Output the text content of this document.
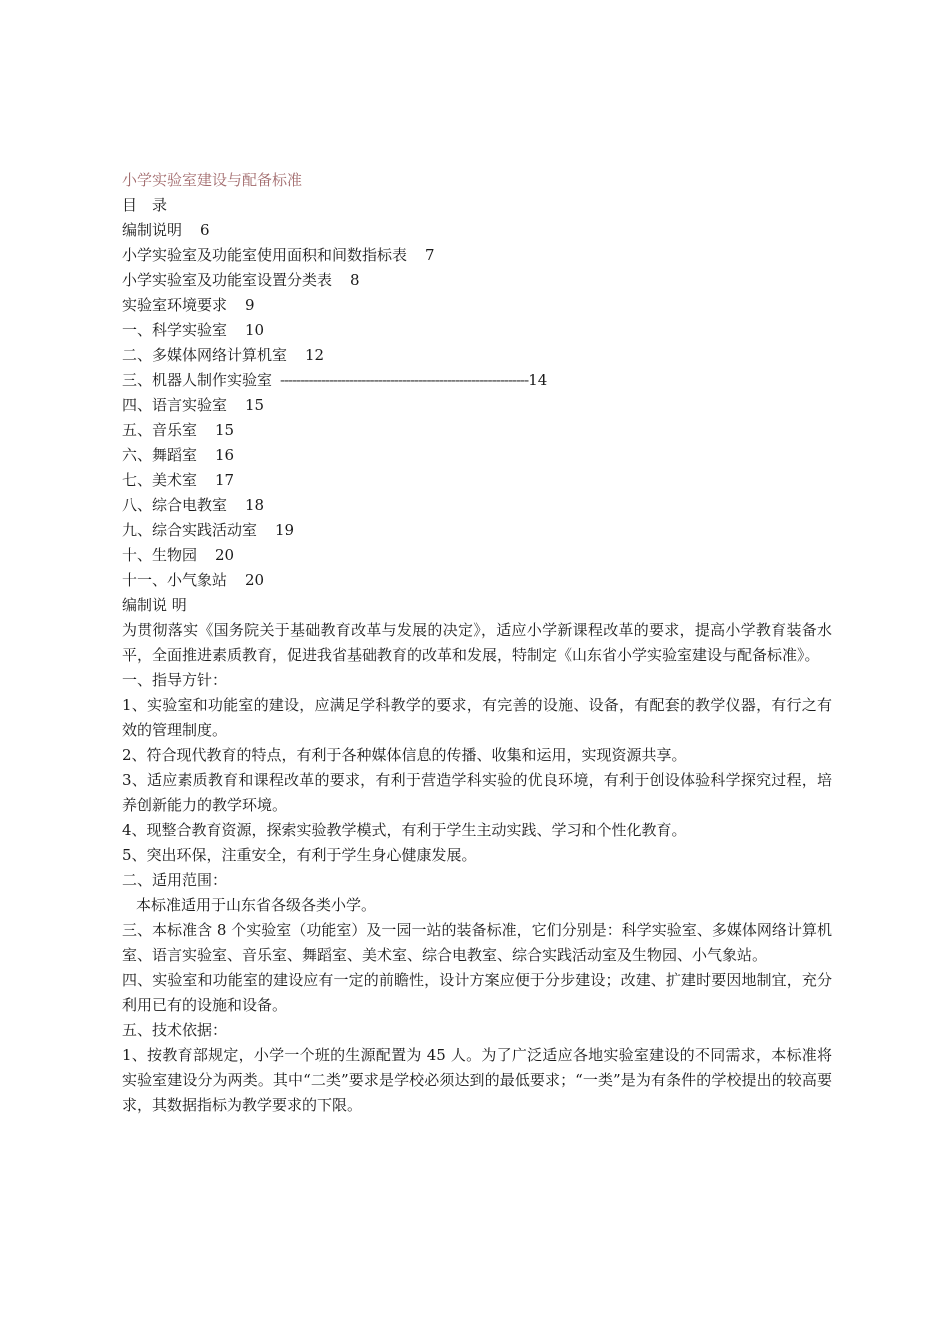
小学实验室建设与配备标准
目　录
编制说明 6
小学实验室及功能室使用面积和间数指标表 7
小学实验室及功能室设置分类表 8
实验室环境要求 9
一、科学实验室 10
二、多媒体网络计算机室 12
三、机器人制作实验室 -------------------------------------------------------------14
四、语言实验室 15
五、音乐室 15
六、舞蹈室 16
七、美术室 17
八、综合电教室 18
九、综合实践活动室 19
十、生物园 20
十一、小气象站 20
编制说 明

为贯彻落实《国务院关于基础教育改革与发展的决定》，适应小学新课程改革的要求，提高小学教育装备水平，全面推进素质教育，促进我省基础教育的改革和发展，特制定《山东省小学实验室建设与配备标准》。

一、指导方针：

1、实验室和功能室的建设，应满足学科教学的要求，有完善的设施、设备，有配套的教学仪器，有行之有效的管理制度。

2、符合现代教育的特点，有利于各种媒体信息的传播、收集和运用，实现资源共享。

3、适应素质教育和课程改革的要求，有利于营造学科实验的优良环境，有利于创设体验科学探究过程，培养创新能力的教学环境。

4、现整合教育资源，探索实验教学模式，有利于学生主动实践、学习和个性化教育。

5、突出环保，注重安全，有利于学生身心健康发展。

二、适用范围：

本标准适用于山东省各级各类小学。

三、本标准含 8 个实验室（功能室）及一园一站的装备标准，它们分别是：科学实验室、多媒体网络计算机室、语言实验室、音乐室、舞蹈室、美术室、综合电教室、综合实践活动室及生物园、小气象站。

四、实验室和功能室的建设应有一定的前瞻性，设计方案应便于分步建设；改建、扩建时要因地制宜，充分利用已有的设施和设备。

五、技术依据：

1、按教育部规定，小学一个班的生源配置为 45 人。为了广泛适应各地实验室建设的不同需求，本标准将实验室建设分为两类。其中“二类”要求是学校必须达到的最低要求；“一类”是为有条件的学校提出的较高要求，其数据指标为教学要求的下限。
